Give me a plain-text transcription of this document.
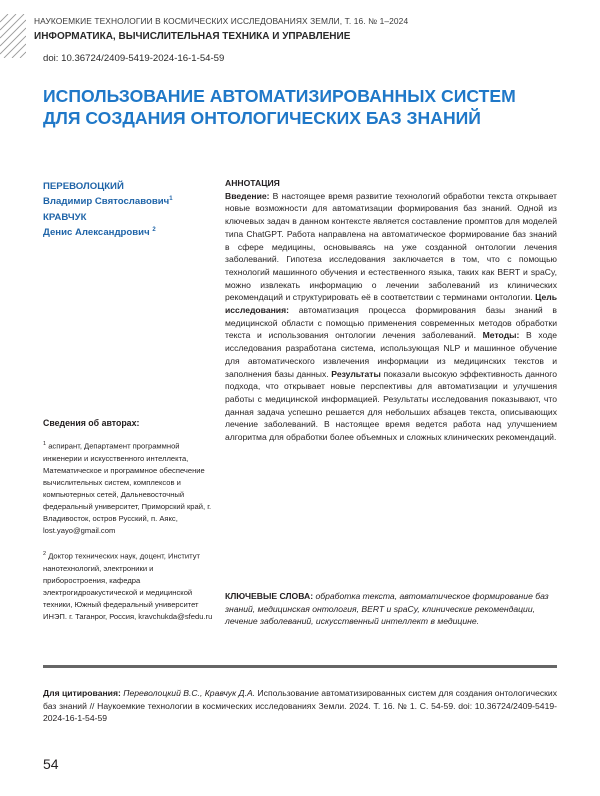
НАУКОЕМКИЕ ТЕХНОЛОГИИ В КОСМИЧЕСКИХ ИССЛЕДОВАНИЯХ ЗЕМЛИ, Т. 16. № 1–2024
ИНФОРМАТИКА, ВЫЧИСЛИТЕЛЬНАЯ ТЕХНИКА И УПРАВЛЕНИЕ
doi: 10.36724/2409-5419-2024-16-1-54-59
ИСПОЛЬЗОВАНИЕ АВТОМАТИЗИРОВАННЫХ СИСТЕМ
ДЛЯ СОЗДАНИЯ ОНТОЛОГИЧЕСКИХ БАЗ ЗНАНИЙ
ПЕРЕВОЛОЦКИЙ
Владимир Святославович$^1$
КРАВЧУК
Денис Александрович $^2$
Сведения об авторах:
$^1$ аспирант, Департамент программной инженерии и искусственного интеллекта, Математическое и программное обеспечение вычислительных систем, комплексов и компьютерных сетей, Дальневосточный федеральный университет, Приморский край, г. Владивосток, остров Русский, п. Аякс, lost.yayo@gmail.com
$^2$ Доктор технических наук, доцент, Институт нанотехнологий, электроники и приборостроения, кафедра электрогидроакустической и медицинской техники, Южный федеральный университет ИНЭП. г. Таганрог, Россия, kravchukda@sfedu.ru
АННОТАЦИЯ
Введение: В настоящее время развитие технологий обработки текста открывает новые возможности для автоматизации формирования баз знаний. Одной из ключевых задач в данном контексте является составление промптов для моделей типа ChatGPT. Работа направлена на автоматическое формирование баз знаний в сфере медицины, основываясь на уже созданной онтологии лечения заболеваний. Гипотеза исследования заключается в том, что с помощью технологий машинного обучения и естественного языка, таких как BERT и spaCy, можно извлекать информацию о лечении заболеваний из клинических рекомендаций и структурировать её в соответствии с терминами онтологии. Цель исследования: автоматизация процесса формирования базы знаний в медицинской области с помощью применения современных методов обработки текста и использования онтологии лечения заболеваний. Методы: В ходе исследования разработана система, использующая NLP и машинное обучение для автоматического извлечения информации из медицинских текстов и заполнения базы данных. Результаты показали высокую эффективность данного подхода, что открывает новые перспективы для автоматизации и улучшения работы с медицинской информацией. Результаты исследования показывают, что данная задача успешно решается для небольших абзацев текста, описывающих лечение заболеваний. В настоящее время ведется работа над улучшением алгоритма для обработки более объемных и сложных клинических рекомендаций.
КЛЮЧЕВЫЕ СЛОВА: обработка текста, автоматическое формирование баз знаний, медицинская онтология, BERT и spaCy, клинические рекомендации, лечение заболеваний, искусственный интеллект в медицине.
Для цитирования: Переволоцкий В.С., Кравчук Д.А. Использование автоматизированных систем для создания онтологических баз знаний // Наукоемкие технологии в космических исследованиях Земли. 2024. Т. 16. № 1. С. 54-59. doi: 10.36724/2409-5419-2024-16-1-54-59
54
